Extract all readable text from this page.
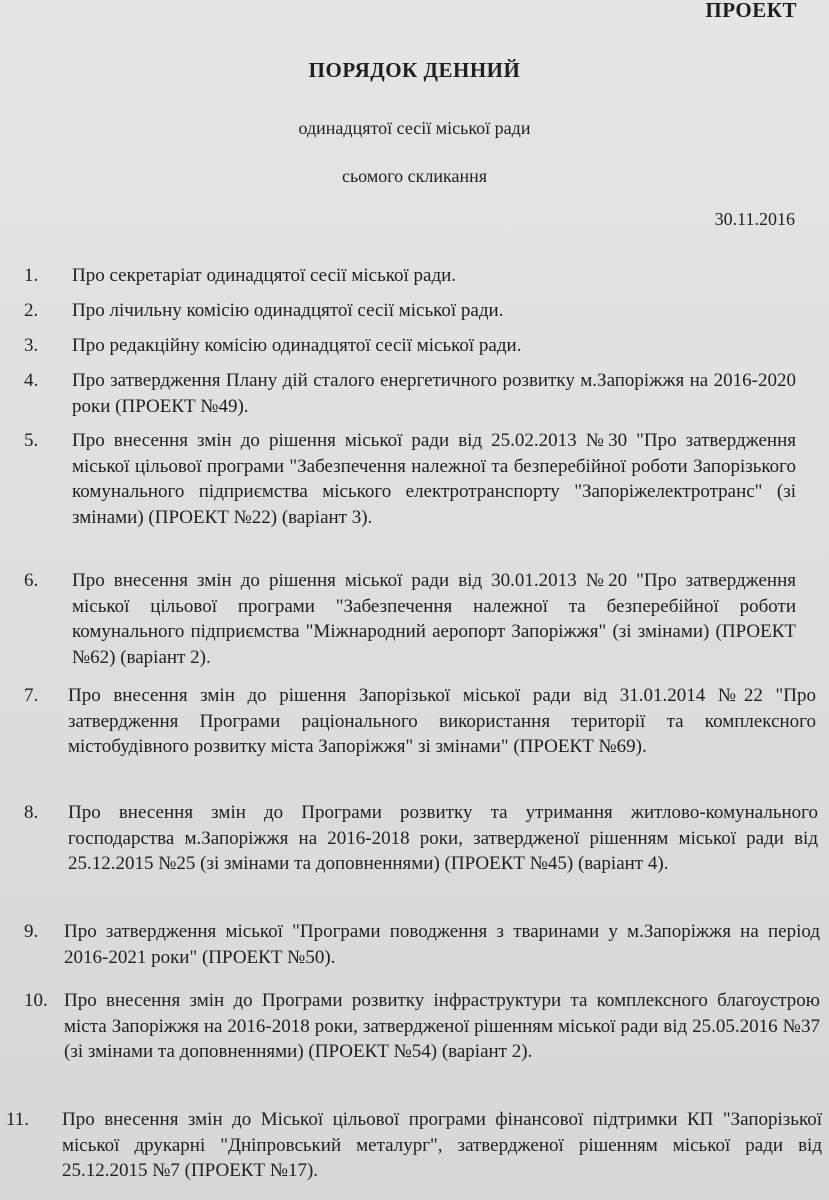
ПРОЕКТ
ПОРЯДОК ДЕННИЙ
одинадцятої сесії міської ради
сьомого скликання
30.11.2016
1. Про секретаріат одинадцятої сесії міської ради.
2. Про лічильну комісію одинадцятої сесії міської ради.
3. Про редакційну комісію одинадцятої сесії міської ради.
4. Про затвердження Плану дій сталого енергетичного розвитку м.Запоріжжя на 2016-2020 роки (ПРОЕКТ №49).
5. Про внесення змін до рішення міської ради від 25.02.2013 №30 "Про затвердження міської цільової програми "Забезпечення належної та безперебійної роботи Запорізького комунального підприємства міського електротранспорту "Запоріжелектротранс" (зі змінами) (ПРОЕКТ №22) (варіант 3).
6. Про внесення змін до рішення міської ради від 30.01.2013 №20 "Про затвердження міської цільової програми "Забезпечення належної та безперебійної роботи комунального підприємства "Міжнародний аеропорт Запоріжжя" (зі змінами) (ПРОЕКТ №62) (варіант 2).
7. Про внесення змін до рішення Запорізької міської ради від 31.01.2014 №22 "Про затвердження Програми раціонального використання території та комплексного містобудівного розвитку міста Запоріжжя" зі змінами" (ПРОЕКТ №69).
8. Про внесення змін до Програми розвитку та утримання житлово-комунального господарства м.Запоріжжя на 2016-2018 роки, затвердженої рішенням міської ради від 25.12.2015 №25 (зі змінами та доповненнями) (ПРОЕКТ №45) (варіант 4).
9. Про затвердження міської "Програми поводження з тваринами у м.Запоріжжя на період 2016-2021 роки" (ПРОЕКТ №50).
10. Про внесення змін до Програми розвитку інфраструктури та комплексного благоустрою міста Запоріжжя на 2016-2018 роки, затвердженої рішенням міської ради від 25.05.2016 №37 (зі змінами та доповненнями) (ПРОЕКТ №54) (варіант 2).
11. Про внесення змін до Міської цільової програми фінансової підтримки КП "Запорізької міської друкарні "Дніпровський металург", затвердженої рішенням міської ради від 25.12.2015 №7 (ПРОЕКТ №17).
